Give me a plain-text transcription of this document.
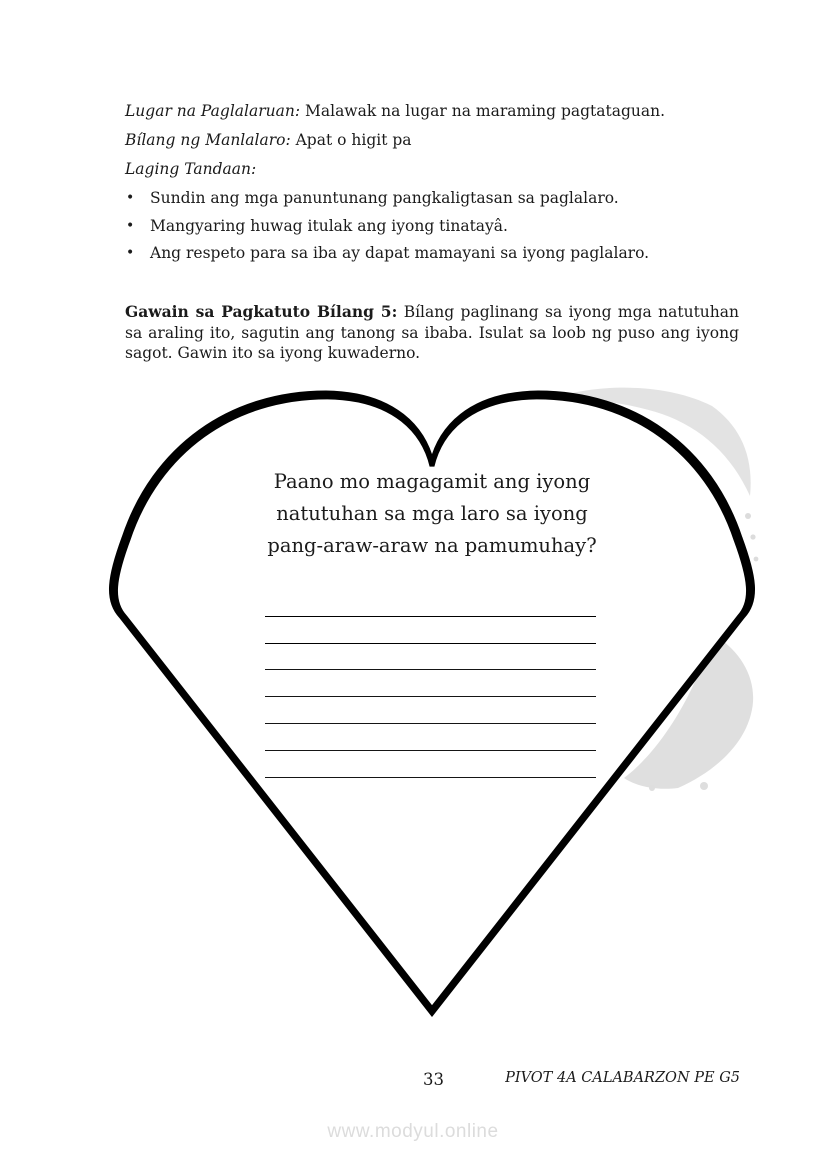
Lugar na Paglalaruan: Malawak na lugar na maraming pagtataguan.

Bílang ng Manlalaro: Apat o higit pa

Laging Tandaan:

•	Sundin ang mga panuntunang pangkaligtasan sa paglalaro.
•	Mangyaring huwag itulak ang iyong tinatayâ.
•	Ang respeto para sa iba ay dapat mamayani sa iyong paglalaro.

Gawain sa Pagkatuto Bílang 5: Bílang paglinang sa iyong mga natutuhan sa araling ito, sagutin ang tanong sa ibaba. Isulat sa loob ng puso ang iyong sagot. Gawin ito sa iyong kuwaderno.

Paano mo magagamit ang iyong
natutuhan sa mga laro sa iyong
pang-araw-araw na pamumuhay?
33	PIVOT 4A CALABARZON PE G5
www.modyul.online
